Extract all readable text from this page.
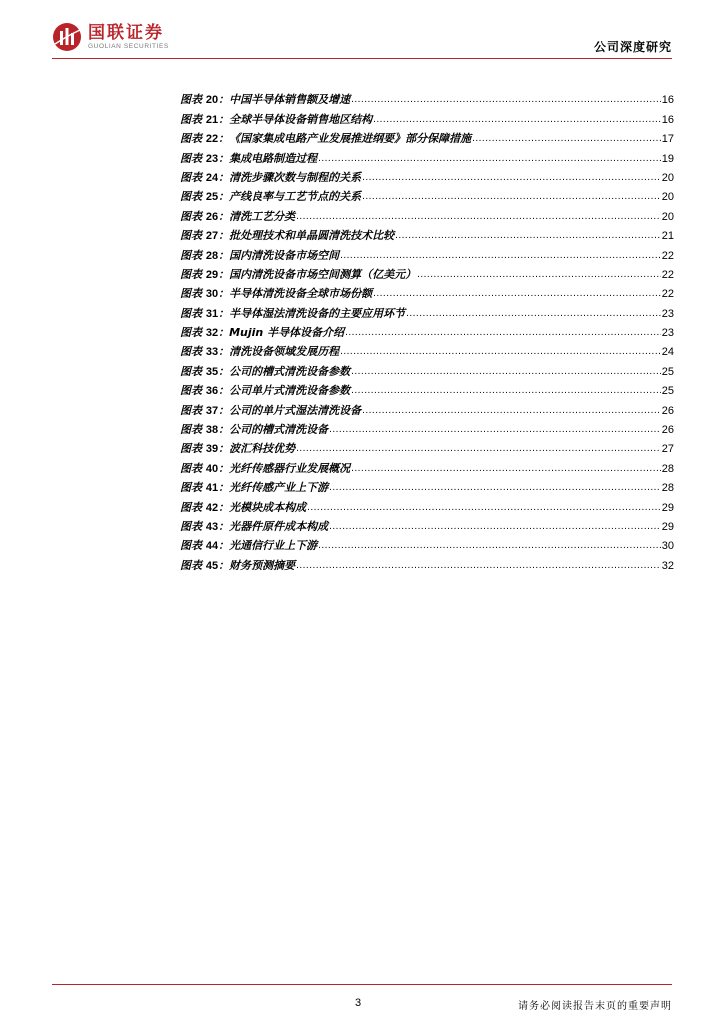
国联证券
GUOLIAN SECURITIES	公司深度研究
图表 20： 中国半导体销售额及增速 .....	16
图表 21： 全球半导体设备销售地区结构 .....	16
图表 22： 《国家集成电路产业发展推进纲要》部分保障措施 .....	17
图表 23： 集成电路制造过程 .....	19
图表 24： 清洗步骤次数与制程的关系 .....	20
图表 25： 产线良率与工艺节点的关系 .....	20
图表 26： 清洗工艺分类 .....	20
图表 27： 批处理技术和单晶圆清洗技术比较 .....	21
图表 28： 国内清洗设备市场空间 .....	22
图表 29： 国内清洗设备市场空间测算（亿美元） .....	22
图表 30： 半导体清洗设备全球市场份额 .....	22
图表 31： 半导体湿法清洗设备的主要应用环节 .....	23
图表 32： Mujin 半导体设备介绍 .....	23
图表 33： 清洗设备领域发展历程 .....	24
图表 35： 公司的槽式清洗设备参数 .....	25
图表 36： 公司单片式清洗设备参数 .....	25
图表 37： 公司的单片式湿法清洗设备 .....	26
图表 38： 公司的槽式清洗设备 .....	26
图表 39： 波汇科技优势 .....	27
图表 40： 光纤传感器行业发展概况 .....	28
图表 41： 光纤传感产业上下游 .....	28
图表 42： 光模块成本构成 .....	29
图表 43： 光器件原件成本构成 .....	29
图表 44： 光通信行业上下游 .....	30
图表 45： 财务预测摘要 .....	32
3	请务必阅读报告末页的重要声明
